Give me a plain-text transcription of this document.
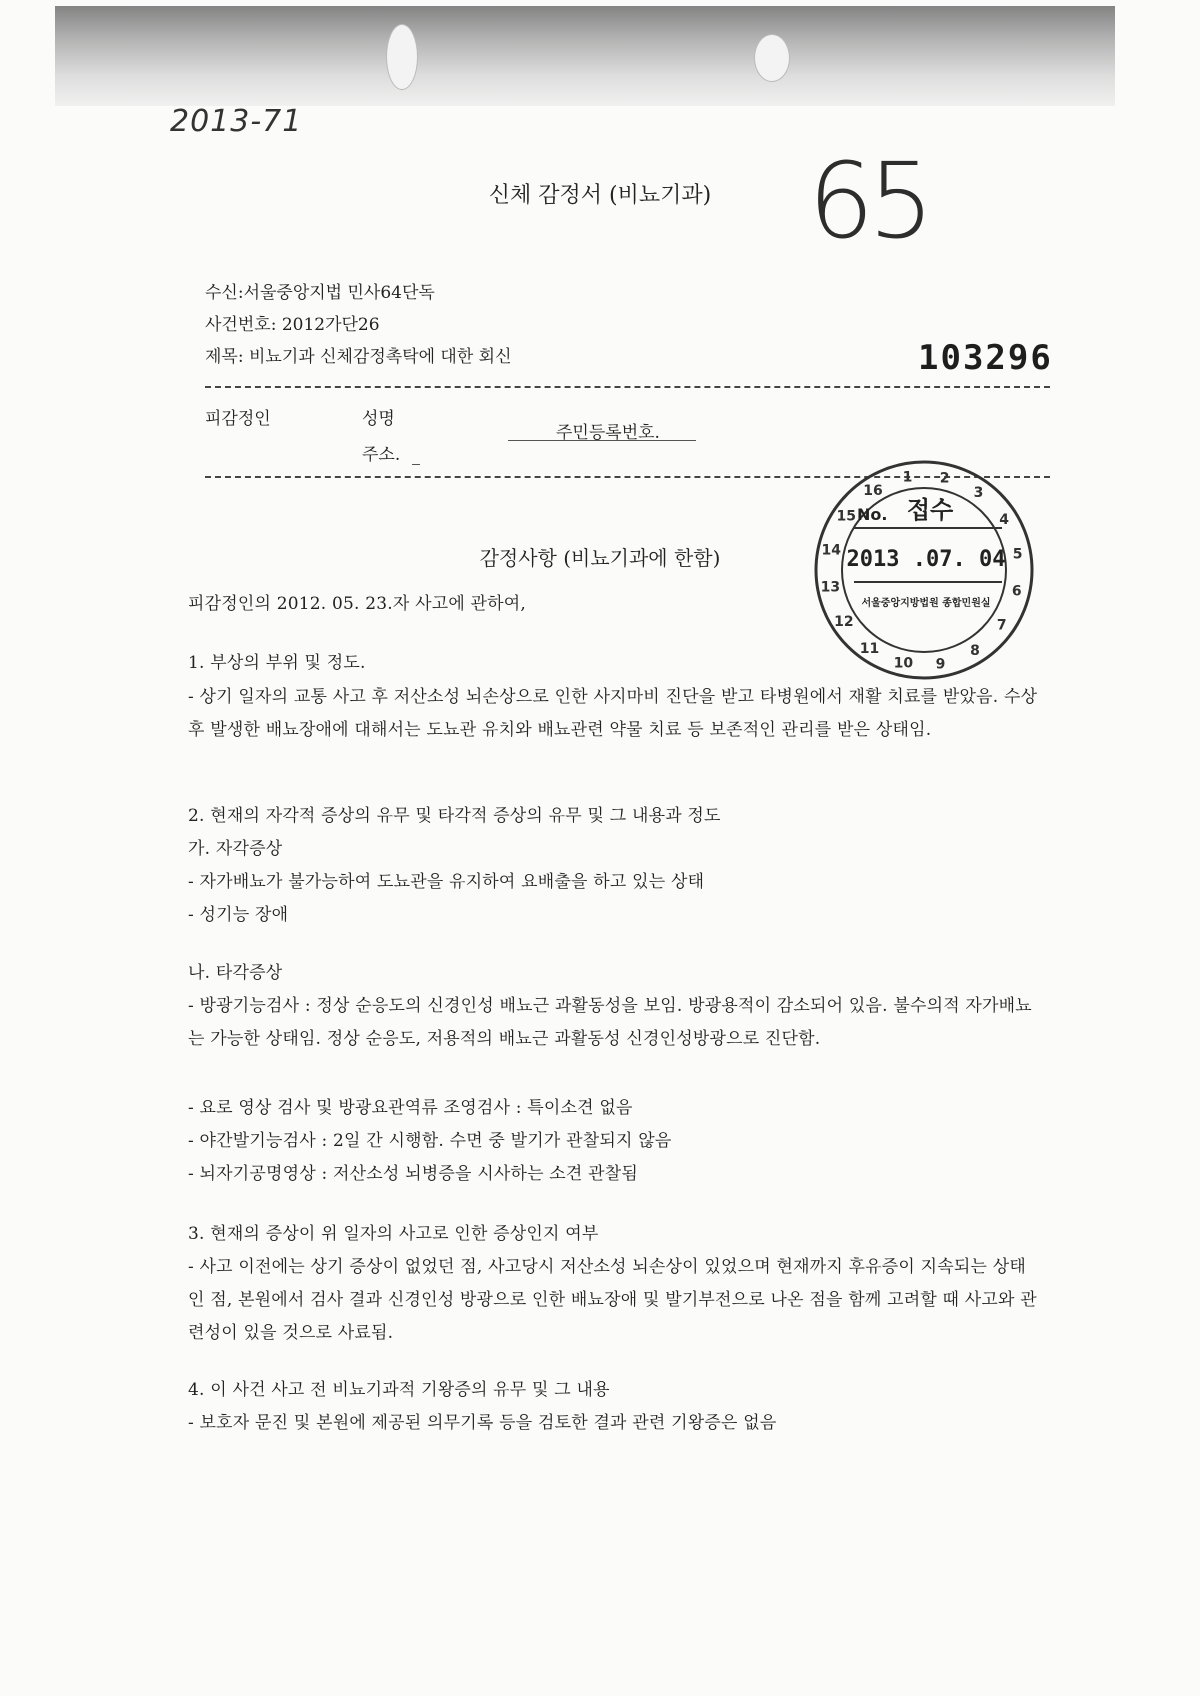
2013-71
65
신체 감정서 (비뇨기과)
수신:서울중앙지법 민사64단독
사건번호: 2012가단26
제목: 비뇨기과 신체감정촉탁에 대한 회신	103296
피감정인	성명
주민등록번호.
주소.
1 2
3
4
5
6
7
8
9
10
11
12
13
14
15
16
No. 접수
2013 .07. 04
서울중앙지방법원 종합민원실
감정사항 (비뇨기과에 한함)
피감정인의 2012. 05. 23.자 사고에 관하여,
1. 부상의 부위 및 정도.
- 상기 일자의 교통 사고 후 저산소성 뇌손상으로 인한 사지마비 진단을 받고 타병원에서 재활 치료를 받았음. 수상 후 발생한 배뇨장애에 대해서는 도뇨관 유치와 배뇨관련 약물 치료 등 보존적인 관리를 받은 상태임.
2. 현재의 자각적 증상의 유무 및 타각적 증상의 유무 및 그 내용과 정도
가. 자각증상
- 자가배뇨가 불가능하여 도뇨관을 유지하여 요배출을 하고 있는 상태
- 성기능 장애
나. 타각증상
- 방광기능검사 : 정상 순응도의 신경인성 배뇨근 과활동성을 보임. 방광용적이 감소되어 있음. 불수의적 자가배뇨는 가능한 상태임. 정상 순응도, 저용적의 배뇨근 과활동성 신경인성방광으로 진단함.
- 요로 영상 검사 및 방광요관역류 조영검사 : 특이소견 없음
- 야간발기능검사 : 2일 간 시행함. 수면 중 발기가 관찰되지 않음
- 뇌자기공명영상 : 저산소성 뇌병증을 시사하는 소견 관찰됨
3. 현재의 증상이 위 일자의 사고로 인한 증상인지 여부
- 사고 이전에는 상기 증상이 없었던 점, 사고당시 저산소성 뇌손상이 있었으며 현재까지 후유증이 지속되는 상태인 점, 본원에서 검사 결과 신경인성 방광으로 인한 배뇨장애 및 발기부전으로 나온 점을 함께 고려할 때 사고와 관련성이 있을 것으로 사료됨.
4. 이 사건 사고 전 비뇨기과적 기왕증의 유무 및 그 내용
- 보호자 문진 및 본원에 제공된 의무기록 등을 검토한 결과 관련 기왕증은 없음
